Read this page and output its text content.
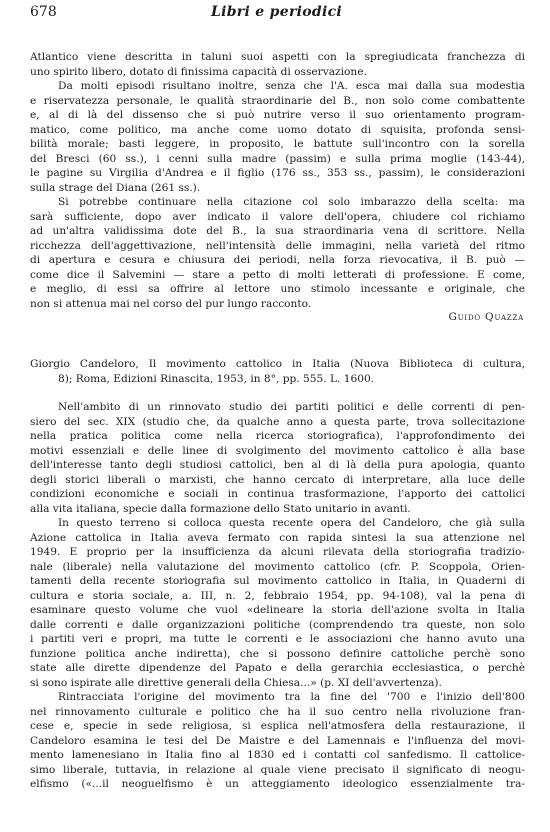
678	Libri e periodici
Atlantico viene descritta in taluni suoi aspetti con la spregiudicata franchezza di
uno spirito libero, dotato di finissima capacità di osservazione.
Da molti episodi risultano inoltre, senza che l'A. esca mai dalla sua modestia
e riservatezza personale, le qualità straordinarie del B., non solo come combattente
e, al di là del dissenso che si può nutrire verso il suo orientamento program-
matico, come politico, ma anche come uomo dotato di squisita, profonda sensi-
bilità morale; basti leggere, in proposito, le battute sull'incontro con la sorella
del Bresci (60 ss.), i cenni sulla madre (passim) e sulla prima moglie (143-44),
le pagine su Virgilia d'Andrea e il figlio (176 ss., 353 ss., passim), le considerazioni
sulla strage del Diana (261 ss.).
Si potrebbe continuare nella citazione col solo imbarazzo della scelta: ma
sarà sufficiente, dopo aver indicato il valore dell'opera, chiudere col richiamo
ad un'altra validissima dote del B., la sua straordinaria vena di scrittore. Nella
ricchezza dell'aggettivazione, nell'intensità delle immagini, nella varietà del ritmo
di apertura e cesura e chiusura dei periodi, nella forza rievocativa, il B. può —
come dice il Salvemini — stare a petto di molti letterati di professione. E come,
e meglio, di essi sa offrire al lettore uno stimolo incessante e originale, che
non si attenua mai nel corso del pur lungo racconto.
Guido Quazza
Giorgio Candeloro, Il movimento cattolico in Italia (Nuova Biblioteca di cultura,
8); Roma, Edizioni Rinascita, 1953, in 8°, pp. 555. L. 1600.
Nell'ambito di un rinnovato studio dei partiti politici e delle correnti di pen-
siero del sec. XIX (studio che, da qualche anno a questa parte, trova sollecitazione
nella pratica politica come nella ricerca storiografica), l'approfondimento dei
motivi essenziali e delle linee di svolgimento del movimento cattolico è alla base
dell'interesse tanto degli studiosi cattolici, ben al di là della pura apologia, quanto
degli storici liberali o marxisti, che hanno cercato di interpretare, alla luce delle
condizioni economiche e sociali in continua trasformazione, l'apporto dei cattolici
alla vita italiana, specie dalla formazione dello Stato unitario in avanti.
In questo terreno si colloca questa recente opera del Candeloro, che già sulla
Azione cattolica in Italia aveva fermato con rapida sintesi la sua attenzione nel
1949. E proprio per la insufficienza da alcuni rilevata della storiografia tradizio-
nale (liberale) nella valutazione del movimento cattolico (cfr. P. Scoppola, Orien-
tamenti della recente storiografia sul movimento cattolico in Italia, in Quaderni di
cultura e storia sociale, a. III, n. 2, febbraio 1954, pp. 94-108), val la pena di
esaminare questo volume che vuol «delineare la storia dell'azione svolta in Italia
dalle correnti e dalle organizzazioni politiche (comprendendo tra queste, non solo
i partiti veri e propri, ma tutte le correnti e le associazioni che hanno avuto una
funzione politica anche indiretta), che si possono definire cattoliche perchè sono
state alle dirette dipendenze del Papato e della gerarchia ecclesiastica, o perchè
si sono ispirate alle direttive generali della Chiesa...» (p. XI dell'avvertenza).
Rintracciata l'origine del movimento tra la fine del '700 e l'inizio dell'800
nel rinnovamento culturale e politico che ha il suo centro nella rivoluzione fran-
cese e, specie in sede religiosa, si esplica nell'atmosfera della restaurazione, il
Candeloro esamina le tesi del De Maistre e del Lamennais e l'influenza del movi-
mento lamenesiano in Italia fino al 1830 ed i contatti col sanfedismo. Il cattolice-
simo liberale, tuttavia, in relazione al quale viene precisato il significato di neogu-
elfismo («...il neoguelfismo è un atteggiamento ideologico essenzialmente tra-
